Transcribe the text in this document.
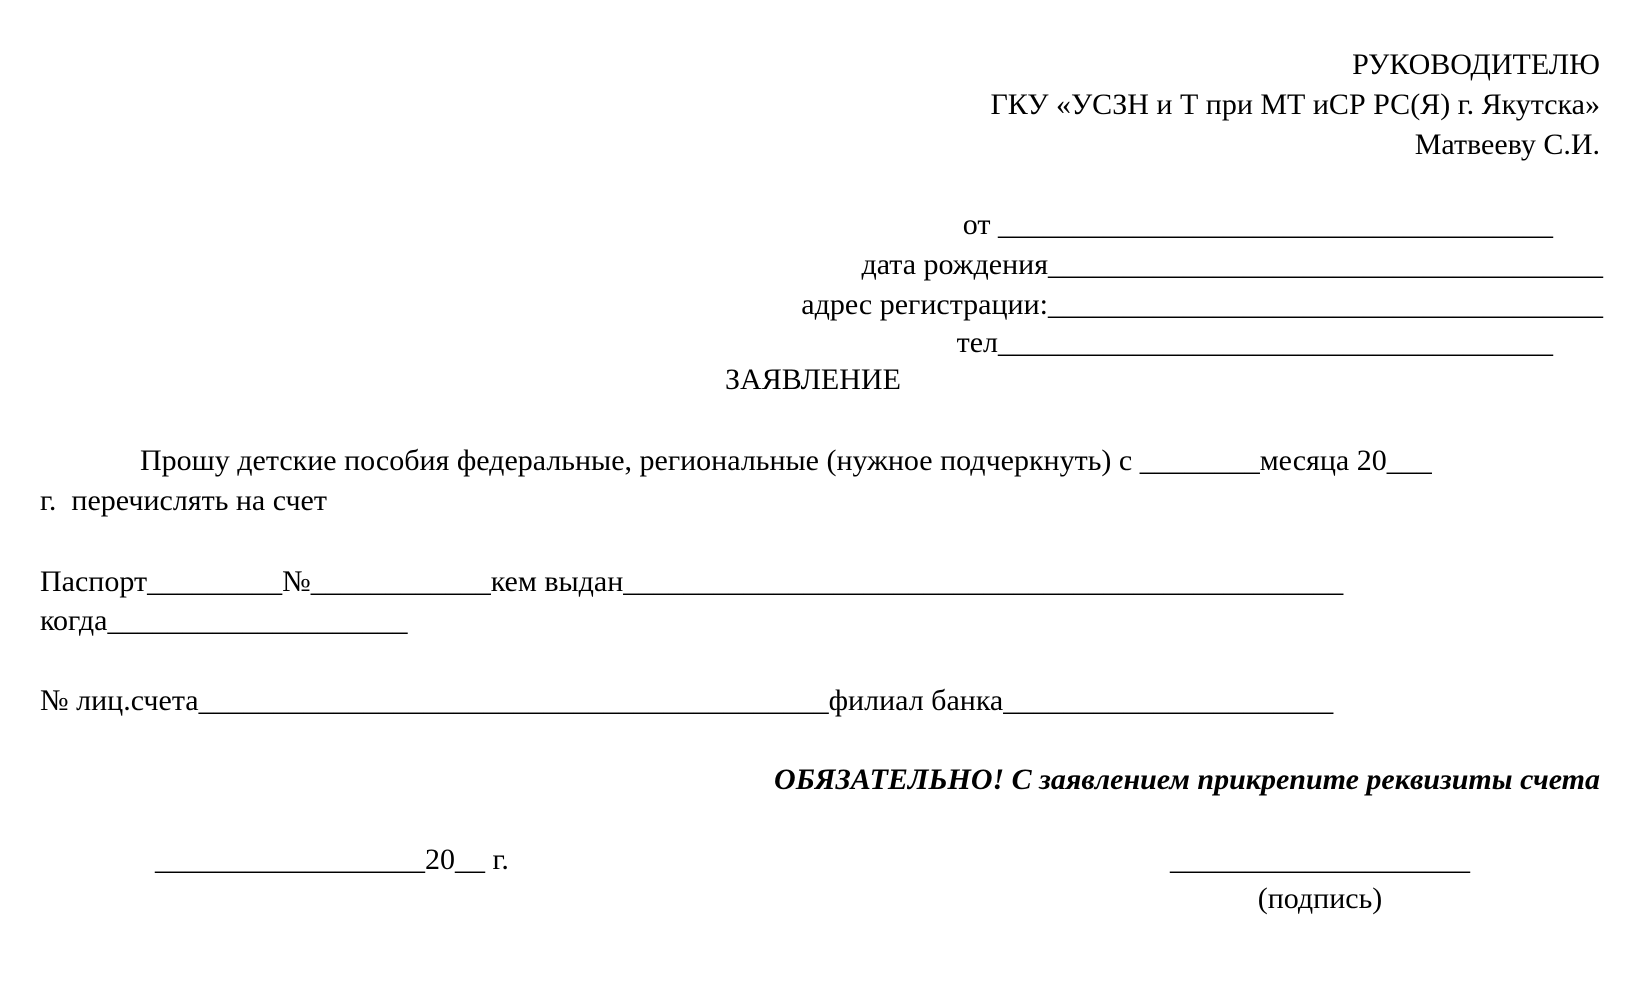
РУКОВОДИТЕЛЮ
ГКУ «УСЗН и Т при МТ иСР РС(Я) г. Якутска»
Матвееву С.И.
от _____________________________________
дата рождения_____________________________________
адрес регистрации:_____________________________________
тел_____________________________________
ЗАЯВЛЕНИЕ
Прошу детские пособия федеральные, региональные (нужное подчеркнуть) с ________месяца 20___
г.  перечислять на счет
Паспорт_________№____________кем выдан________________________________________________
когда____________________
№ лиц.счета__________________________________________филиал банка______________________
ОБЯЗАТЕЛЬНО! С заявлением прикрепите реквизиты счета
__________________20__ г.	____________________
(подпись)
